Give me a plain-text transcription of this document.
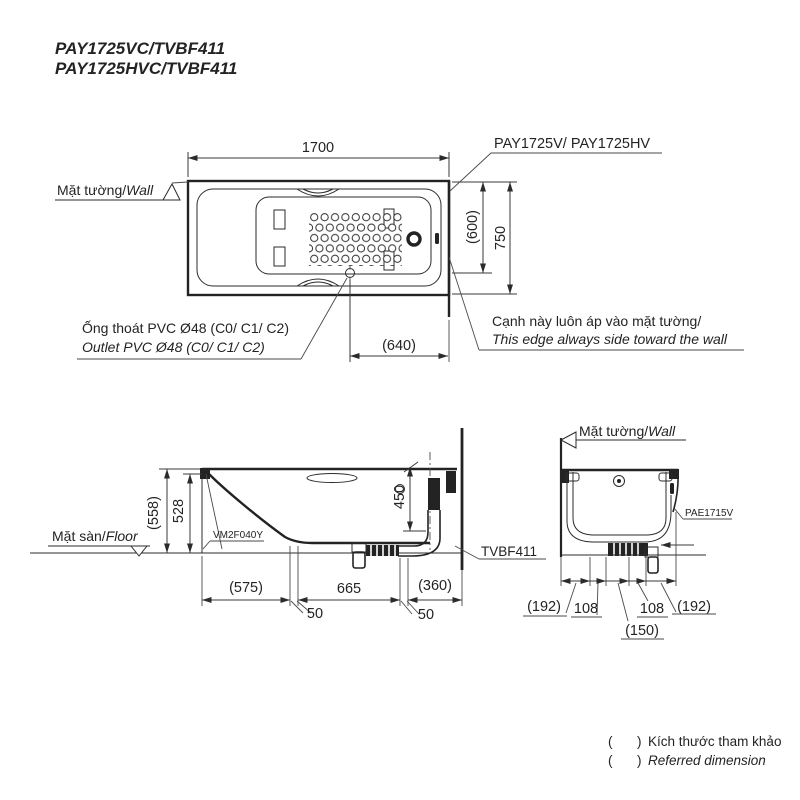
PAY1725VC/TVBF411
PAY1725HVC/TVBF411
1700
(600) 750
PAY1725V/ PAY1725HV
Mặt tường/Wall
(640)
Ống thoát PVC Ø48 (C0/ C1/ C2)
Outlet PVC Ø48 (C0/ C1/ C2)
Cạnh này luôn áp vào mặt tường/
This edge always side toward the wall
TVBF411
VM2F040Y
450
(558) 528
Mặt sàn/Floor
(575)	665	(360)
50	50
Mặt tường/Wall
PAE1715V
(192) 108
(150)
108 (192)
( ) Kích thước tham khảo
( ) Referred dimension
